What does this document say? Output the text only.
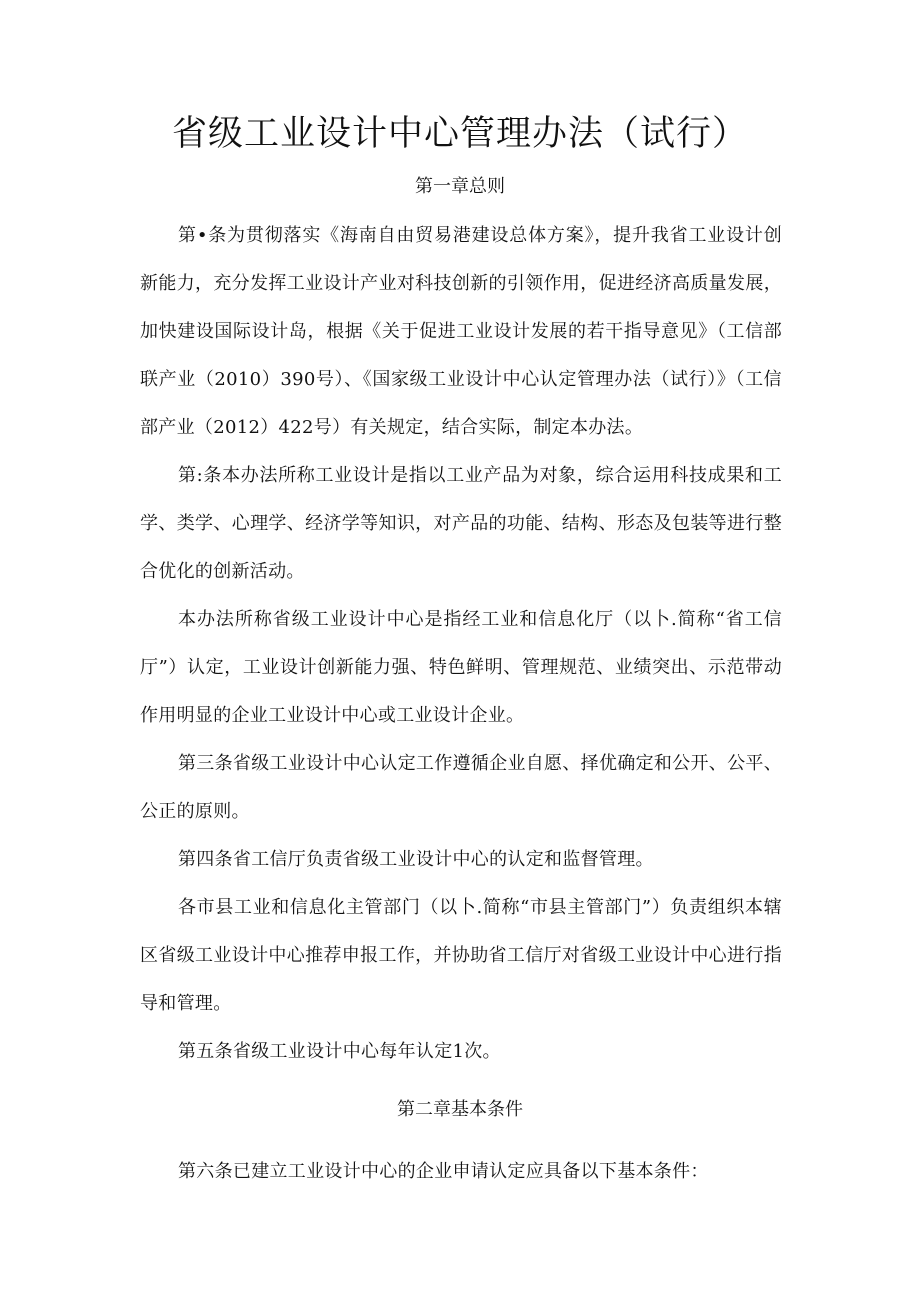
省级工业设计中心管理办法（试行）
第一章总则

第•条为贯彻落实《海南自由贸易港建设总体方案》，提升我省工业设计创新能力，充分发挥工业设计产业对科技创新的引领作用，促进经济高质量发展，加快建设国际设计岛，根据《关于促进工业设计发展的若干指导意见》（工信部联产业（2010）390号）、《国家级工业设计中心认定管理办法（试行）》（工信部产业（2012）422号）有关规定，结合实际，制定本办法。

第:条本办法所称工业设计是指以工业产品为对象，综合运用科技成果和工学、类学、心理学、经济学等知识，对产品的功能、结构、形态及包装等进行整合优化的创新活动。

本办法所称省级工业设计中心是指经工业和信息化厅（以卜.简称“省工信厅”）认定，工业设计创新能力强、特色鲜明、管理规范、业绩突出、示范带动作用明显的企业工业设计中心或工业设计企业。

第三条省级工业设计中心认定工作遵循企业自愿、择优确定和公开、公平、公正的原则。

第四条省工信厅负责省级工业设计中心的认定和监督管理。

各市县工业和信息化主管部门（以卜.简称“市县主管部门”）负责组织本辖区省级工业设计中心推荐申报工作，并协助省工信厅对省级工业设计中心进行指导和管理。

第五条省级工业设计中心每年认定1次。

第二章基本条件

第六条已建立工业设计中心的企业申请认定应具备以下基本条件：
